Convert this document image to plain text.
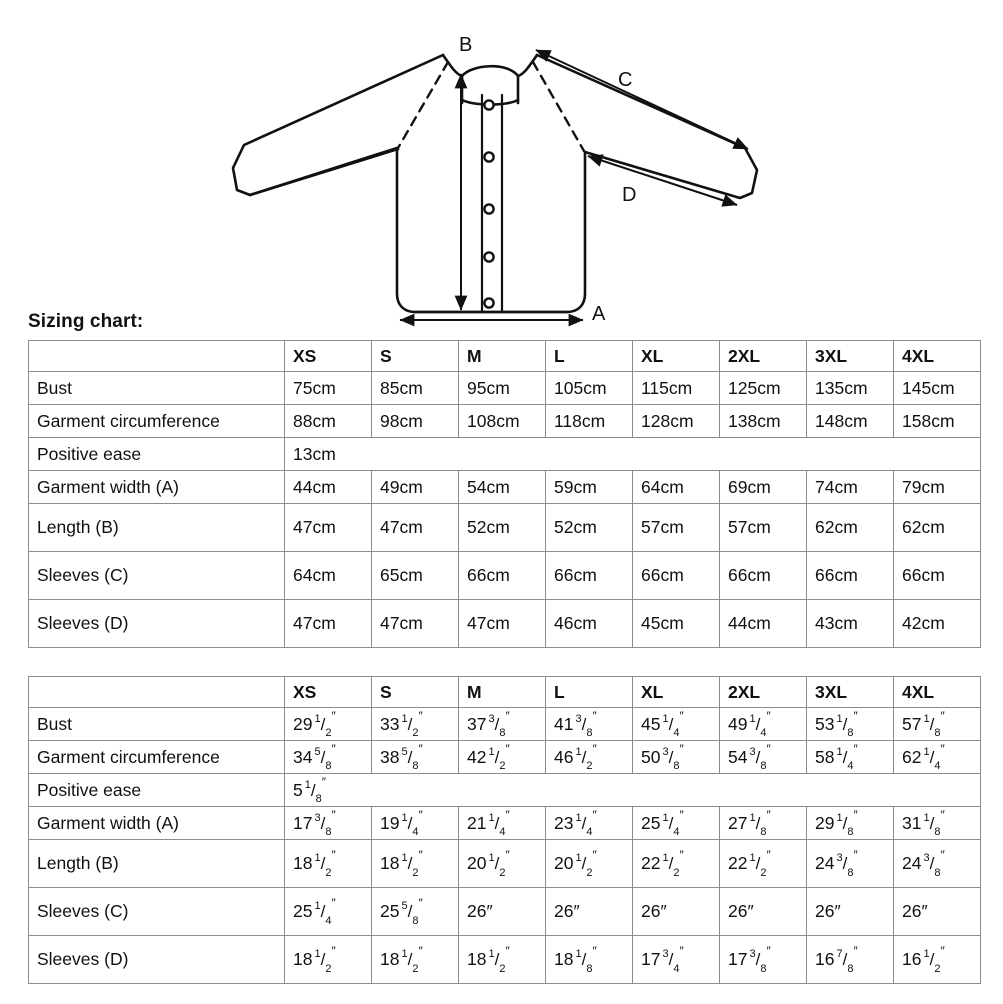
B
C
D
A
Sizing chart:
	XS	S	M	L	XL	2XL	3XL	4XL
Bust	75cm	85cm	95cm	105cm	115cm	125cm	135cm	145cm
Garment circumference	88cm	98cm	108cm	118cm	128cm	138cm	148cm	158cm
Positive ease	13cm							
Garment width (A)	44cm	49cm	54cm	59cm	64cm	69cm	74cm	79cm
Length (B)	47cm	47cm	52cm	52cm	57cm	57cm	62cm	62cm
Sleeves (C)	64cm	65cm	66cm	66cm	66cm	66cm	66cm	66cm
Sleeves (D)	47cm	47cm	47cm	46cm	45cm	44cm	43cm	42cm
	XS	S	M	L	XL	2XL	3XL	4XL
Bust	29 $^1/_2''$	33 $^1/_2''$	37 $^3/_8''$	41 $^3/_8''$	45 $^1/_4''$	49 $^1/_4''$	53 $^1/_8''$	57 $^1/_8''$
Garment circumference	34 $^5/_8''$	38 $^5/_8''$	42 $^1/_2''$	46 $^1/_2''$	50 $^3/_8''$	54 $^3/_8''$	58 $^1/_4''$	62 $^1/_4''$
Positive ease	5 $^1/_8''$
Garment width (A)	17 $^3/_8''$	19 $^1/_4''$	21 $^1/_4''$	23 $^1/_4''$	25 $^1/_4''$	27 $^1/_8''$	29 $^1/_8''$	31 $^1/_8''$
Length (B)	18 $^1/_2''$	18 $^1/_2''$	20 $^1/_2''$	20 $^1/_2''$	22 $^1/_2''$	22 $^1/_2''$	24 $^3/_8''$	24 $^3/_8''$
Sleeves (C)	25 $^1/_4''$	25 $^5/_8''$	26″	26″	26″	26″	26″	26″
Sleeves (D)	18 $^1/_2''$	18 $^1/_2''$	18 $^1/_2''$	18 $^1/_8''$	17 $^3/_4''$	17 $^3/_8''$	16 $^7/_8''$	16 $^1/_2''$
